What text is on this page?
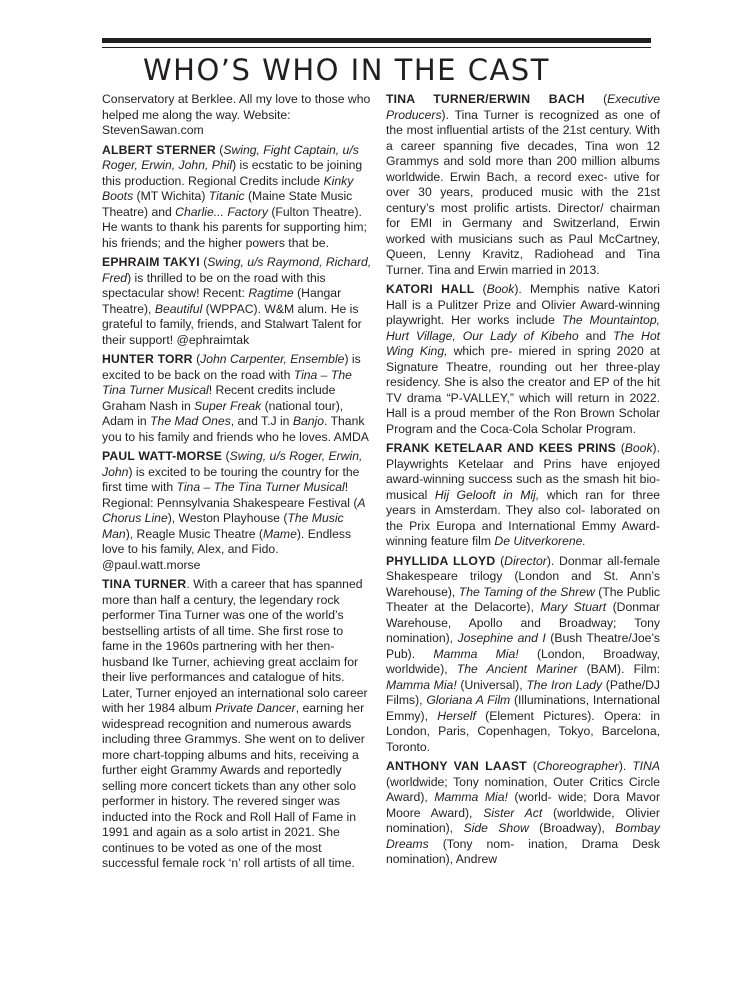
WHO’S WHO IN THE CAST

Conservatory at Berklee. All my love to those who helped me along the way. Website: StevenSawan.com

ALBERT STERNER (Swing, Fight Captain, u/s Roger, Erwin, John, Phil) is ecstatic to be joining this production. Regional Credits include Kinky Boots (MT Wichita) Titanic (Maine State Music Theatre) and Charlie... Factory (Fulton Theatre). He wants to thank his parents for supporting him; his friends; and the higher powers that be.

EPHRAIM TAKYI (Swing, u/s Raymond, Richard, Fred) is thrilled to be on the road with this spectacular show! Recent: Ragtime (Hangar Theatre), Beautiful (WPPAC). W&M alum. He is grateful to family, friends, and Stalwart Talent for their support! @ephraimtak

HUNTER TORR (John Carpenter, Ensemble) is excited to be back on the road with Tina – The Tina Turner Musical! Recent credits include Graham Nash in Super Freak (national tour), Adam in The Mad Ones, and T.J in Banjo. Thank you to his family and friends who he loves. AMDA

PAUL WATT-MORSE (Swing, u/s Roger, Erwin, John) is excited to be touring the country for the first time with Tina – The Tina Turner Musical! Regional: Pennsylvania Shakespeare Festival (A Chorus Line), Weston Playhouse (The Music Man), Reagle Music Theatre (Mame). Endless love to his family, Alex, and Fido. @paul.watt.morse

TINA TURNER. With a career that has spanned more than half a century, the legendary rock performer Tina Turner was one of the world’s bestselling artists of all time. She first rose to fame in the 1960s partnering with her then-husband Ike Turner, achieving great acclaim for their live performances and catalogue of hits. Later, Turner enjoyed an international solo career with her 1984 album Private Dancer, earning her widespread recognition and numerous awards including three Grammys. She went on to deliver more chart-topping albums and hits, receiving a further eight Grammy Awards and reportedly selling more concert tickets than any other solo performer in history. The revered singer was inducted into the Rock and Roll Hall of Fame in 1991 and again as a solo artist in 2021. She continues to be voted as one of the most successful female rock ‘n’ roll artists of all time.

TINA TURNER/ERWIN BACH (Executive Producers). Tina Turner is recognized as one of the most influential artists of the 21st century. With a career spanning five decades, Tina won 12 Grammys and sold more than 200 million albums worldwide. Erwin Bach, a record exec- utive for over 30 years, produced music with the 21st century’s most prolific artists. Director/ chairman for EMI in Germany and Switzerland, Erwin worked with musicians such as Paul McCartney, Queen, Lenny Kravitz, Radiohead and Tina Turner. Tina and Erwin married in 2013.

KATORI HALL (Book). Memphis native Katori Hall is a Pulitzer Prize and Olivier Award-winning playwright. Her works include The Mountaintop, Hurt Village, Our Lady of Kibeho and The Hot Wing King, which pre- miered in spring 2020 at Signature Theatre, rounding out her three-play residency. She is also the creator and EP of the hit TV drama “P-VALLEY,” which will return in 2022. Hall is a proud member of the Ron Brown Scholar Program and the Coca-Cola Scholar Program.

FRANK KETELAAR AND KEES PRINS (Book). Playwrights Ketelaar and Prins have enjoyed award-winning success such as the smash hit bio-musical Hij Gelooft in Mij, which ran for three years in Amsterdam. They also col- laborated on the Prix Europa and International Emmy Award-winning feature film De Uitverkorene.

PHYLLIDA LLOYD (Director). Donmar all-female Shakespeare trilogy (London and St. Ann’s Warehouse), The Taming of the Shrew (The Public Theater at the Delacorte), Mary Stuart (Donmar Warehouse, Apollo and Broadway; Tony nomination), Josephine and I (Bush Theatre/Joe’s Pub). Mamma Mia! (London, Broadway, worldwide), The Ancient Mariner (BAM). Film: Mamma Mia! (Universal), The Iron Lady (Pathe/DJ Films), Gloriana A Film (Illuminations, International Emmy), Herself (Element Pictures). Opera: in London, Paris, Copenhagen, Tokyo, Barcelona, Toronto.

ANTHONY VAN LAAST (Choreographer). TINA (worldwide; Tony nomination, Outer Critics Circle Award), Mamma Mia! (world- wide; Dora Mavor Moore Award), Sister Act (worldwide, Olivier nomination), Side Show (Broadway), Bombay Dreams (Tony nom- ination, Drama Desk nomination), Andrew
